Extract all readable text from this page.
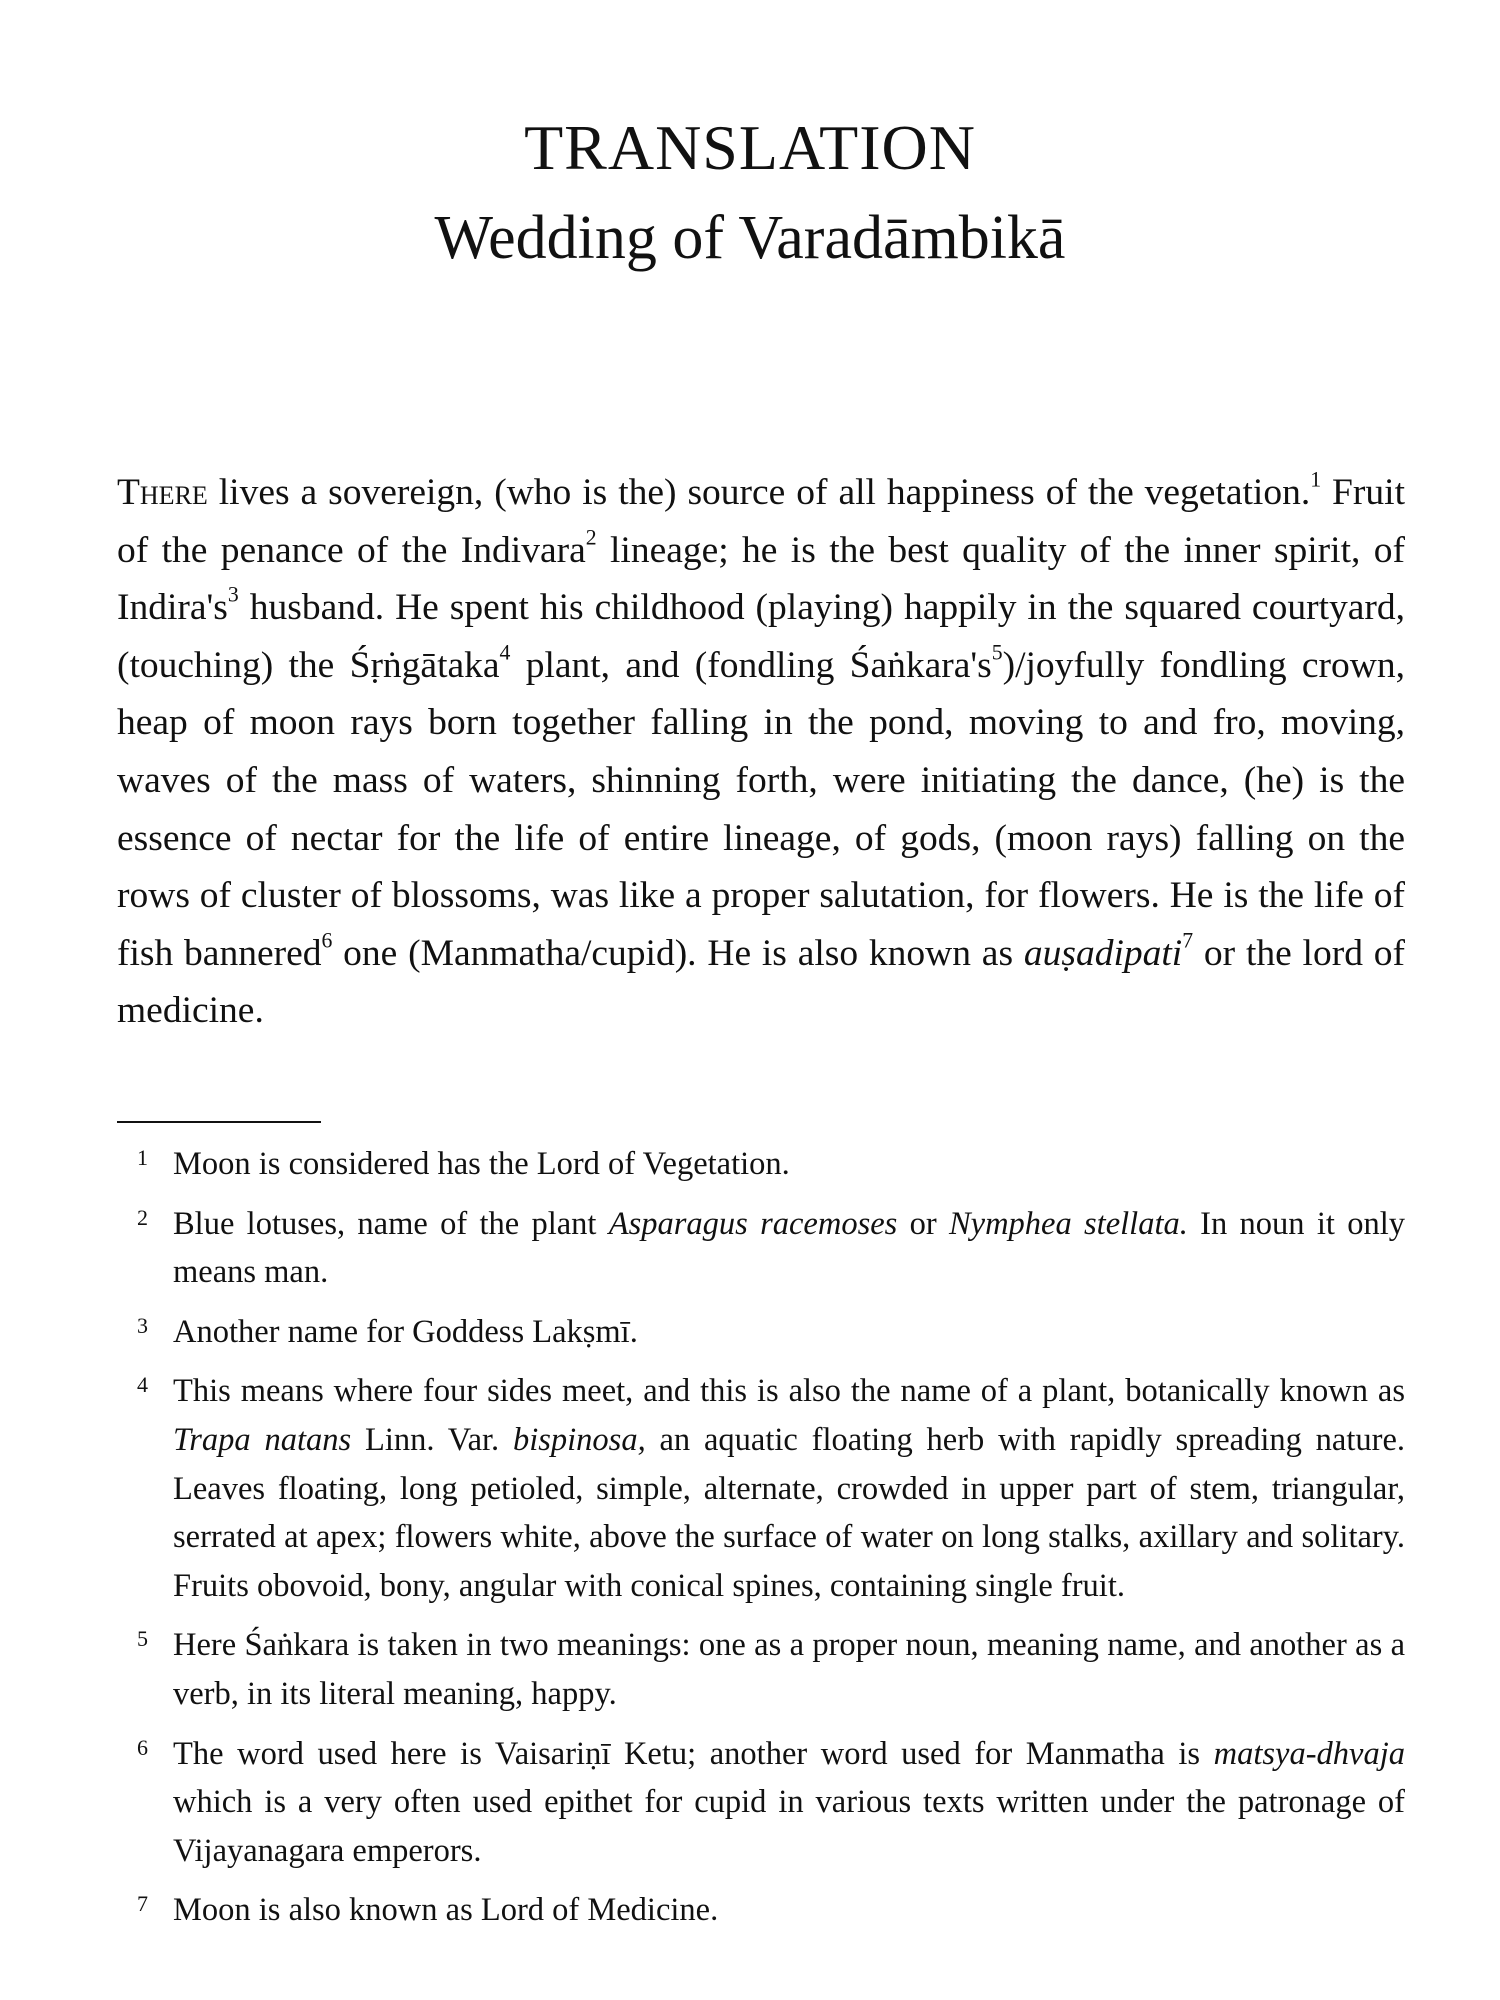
TRANSLATION
Wedding of Varadāmbikā

There lives a sovereign, (who is the) source of all happiness of the vegetation.$^1$ Fruit of the penance of the Indivara$^2$ lineage; he is the best quality of the inner spirit, of $Indira's^3$ husband. He spent his childhood (playing) happily in the squared courtyard, (touching) the Śṛṅgātaka$^4$ plant, and (fondling $Śaṅkara's^5$)/joyfully fondling crown, heap of moon rays born together falling in the pond, moving to and fro, moving, waves of the mass of waters, shinning forth, were initiating the dance, (he) is the essence of nectar for the life of entire lineage, of gods, (moon rays) falling on the rows of cluster of blossoms, was like a proper salutation, for flowers. He is the life of fish bannered$^6$ one (Manmatha/cupid). He is also known as auṣadipati$^7$ or the lord of medicine.

1 Moon is considered has the Lord of Vegetation.

2 Blue lotuses, name of the plant Asparagus racemoses or Nymphea stellata. In noun it only means man.

3 Another name for Goddess Lakṣmī.

4 This means where four sides meet, and this is also the name of a plant, botanically known as Trapa natans Linn. Var. bispinosa, an aquatic floating herb with rapidly spreading nature. Leaves floating, long petioled, simple, alternate, crowded in upper part of stem, triangular, serrated at apex; flowers white, above the surface of water on long stalks, axillary and solitary. Fruits obovoid, bony, angular with conical spines, containing single fruit.

5 Here Śaṅkara is taken in two meanings: one as a proper noun, meaning name, and another as a verb, in its literal meaning, happy.

6 The word used here is Vaisariṇī Ketu; another word used for Manmatha is matsya-dhvaja which is a very often used epithet for cupid in various texts written under the patronage of Vijayanagara emperors.

7 Moon is also known as Lord of Medicine.
